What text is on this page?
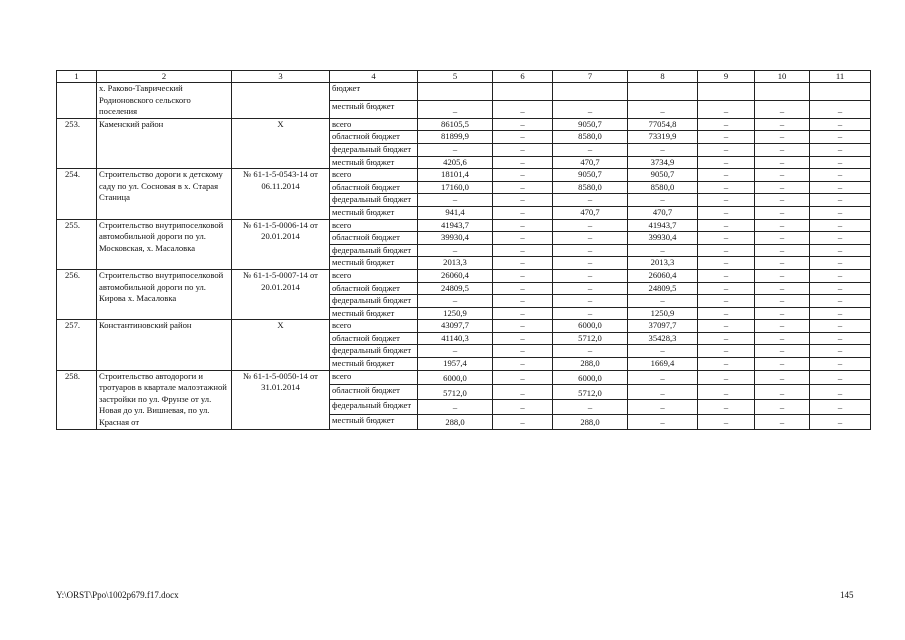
1	2	3	4	5	6	7	8	9	10	11
	х. Раково-Таврический Родионовского сельского поселения		бюджет							
			местный бюджет	–	–	–	–	–	–	–
253.	Каменский район	X	всего	86105,5	–	9050,7	77054,8	–	–	–
			областной бюджет	81899,9	–	8580,0	73319,9	–	–	–
			федеральный бюджет	–	–	–	–	–	–	–
			местный бюджет	4205,6	–	470,7	3734,9	–	–	–
254.	Строительство дороги к детскому саду по ул. Сосновая в х. Старая Станица	№ 61-1-5-0543-14 от 06.11.2014	всего	18101,4	–	9050,7	9050,7	–	–	–
			областной бюджет	17160,0	–	8580,0	8580,0	–	–	–
			федеральный бюджет	–	–	–	–	–	–	–
			местный бюджет	941,4	–	470,7	470,7	–	–	–
255.	Строительство внутрипоселковой автомобильной дороги по ул. Московская, х. Масаловка	№ 61-1-5-0006-14 от 20.01.2014	всего	41943,7	–	–	41943,7	–	–	–
			областной бюджет	39930,4	–	–	39930,4	–	–	–
			федеральный бюджет	–	–	–	–	–	–	–
			местный бюджет	2013,3	–	–	2013,3	–	–	–
256.	Строительство внутрипоселковой автомобильной дороги по ул. Кирова х. Масаловка	№ 61-1-5-0007-14 от 20.01.2014	всего	26060,4	–	–	26060,4	–	–	–
			областной бюджет	24809,5	–	–	24809,5	–	–	–
			федеральный бюджет	–	–	–	–	–	–	–
			местный бюджет	1250,9	–	–	1250,9	–	–	–
257.	Константиновский район	X	всего	43097,7	–	6000,0	37097,7	–	–	–
			областной бюджет	41140,3	–	5712,0	35428,3	–	–	–
			федеральный бюджет	–	–	–	–	–	–	–
			местный бюджет	1957,4	–	288,0	1669,4	–	–	–
258.	Строительство автодороги и тротуаров в квартале малоэтажной застройки по ул. Фрунзе от ул. Новая до ул. Вишневая, по ул. Красная от	№ 61-1-5-0050-14 от 31.01.2014	всего	6000,0	–	6000,0	–	–	–	–
			областной бюджет	5712,0	–	5712,0	–	–	–	–
			федеральный бюджет	–	–	–	–	–	–	–
			местный бюджет	288,0	–	288,0	–	–	–	–
Y:\ORST\Ppo\1002p679.f17.docx	145
